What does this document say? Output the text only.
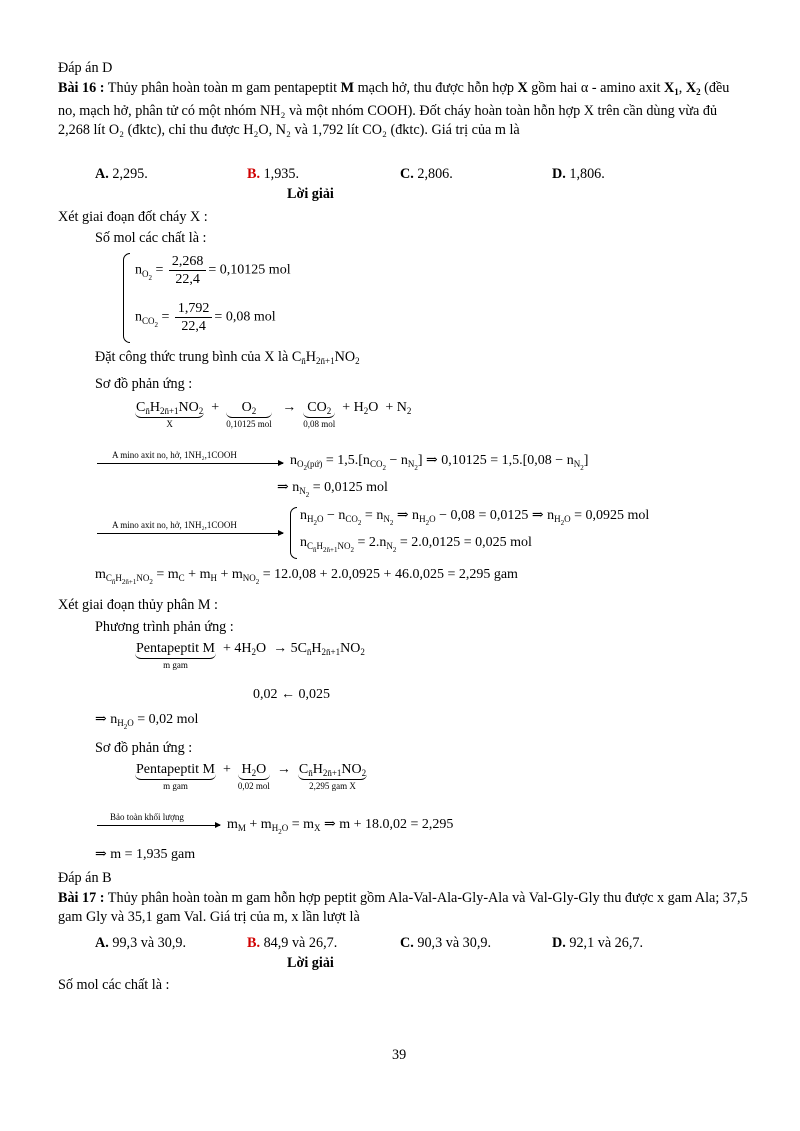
Đáp án D
Bài 16 : Thủy phân hoàn toàn m gam pentapeptit M mạch hở, thu được hỗn hợp X gồm hai α - amino axit $X_1$, $X_2$ (đều no, mạch hở, phân tử có một nhóm NH₂ và một nhóm COOH). Đốt cháy hoàn toàn hỗn hợp X trên cần dùng vừa đủ 2,268 lít O₂ (đktc), chỉ thu được H₂O, N₂ và 1,792 lít CO₂ (đktc). Giá trị của m là
A. 2,295.	B. 1,935.	C. 2,806.	D. 1,806.
Lời giải
Xét giai đoạn đốt cháy X :
Số mol các chất là :
$n_{O_2} = \frac{2,268}{22,4} = 0,10125$ mol
$n_{CO_2} = \frac{1,792}{22,4} = 0,08$ mol
Đặt công thức trung bình của X là $C_{n̄}H_{2n̄+1}NO_2$
Sơ đồ phản ứng :
$C_{n̄}H_{2n̄+1}NO_2$
X
+	$O_2$
0,10125 mol
→ $CO_2$
0,08 mol
+ $H_2O + N_2$
A mino axit no, hở, 1NH₂,1COOH	$n_{O_2(pứ)} = 1,5.[n_{CO_2} - n_{N_2}]$ ⇒ $0,10125 = 1,5.[0,08 - n_{N_2}]$
⇒ $n_{N_2} = 0,0125$ mol
A mino axit no, hở, 1NH₂,1COOH
$n_{H_2O} - n_{CO_2} = n_{N_2}$ ⇒ $n_{H_2O} - 0,08 = 0,0125$ ⇒ $n_{H_2O} = 0,0925$ mol
$n_{C_{n̄}H_{2n̄+1}NO_2} = 2.n_{N_2} = 2.0,0125 = 0,025$ mol
$m_{C_{n̄}H_{2n̄+1}NO_2} = m_C + m_H + m_{NO_2} = 12.0,08 + 2.0,0925 + 46.0,025 = 2,295$ gam
Xét giai đoạn thủy phân M :
Phương trình phản ứng :
Pentapeptit M
m gam
+ $4H_2O \to 5C_{n̄}H_{2n̄+1}NO_2$
0,02 ← 0,025
⇒ $n_{H_2O} = 0,02$ mol
Sơ đồ phản ứng :
Pentapeptit M
m gam
+ $H_2O$
0,02 mol
→ $C_{n̄}H_{2n̄+1}NO_2$
2,295 gam X
Bảo toàn khối lượng	$m_M + m_{H_2O} = m_X$ ⇒ m + 18.0,02 = 2,295
⇒ m = 1,935 gam
Đáp án B
Bài 17 : Thủy phân hoàn toàn m gam hỗn hợp peptit gồm Ala-Val-Ala-Gly-Ala và Val-Gly-Gly thu được x gam Ala; 37,5 gam Gly và 35,1 gam Val. Giá trị của m, x lần lượt là
A. 99,3 và 30,9.	B. 84,9 và 26,7.	C. 90,3 và 30,9.	D. 92,1 và 26,7.
Lời giải
Số mol các chất là :
39
